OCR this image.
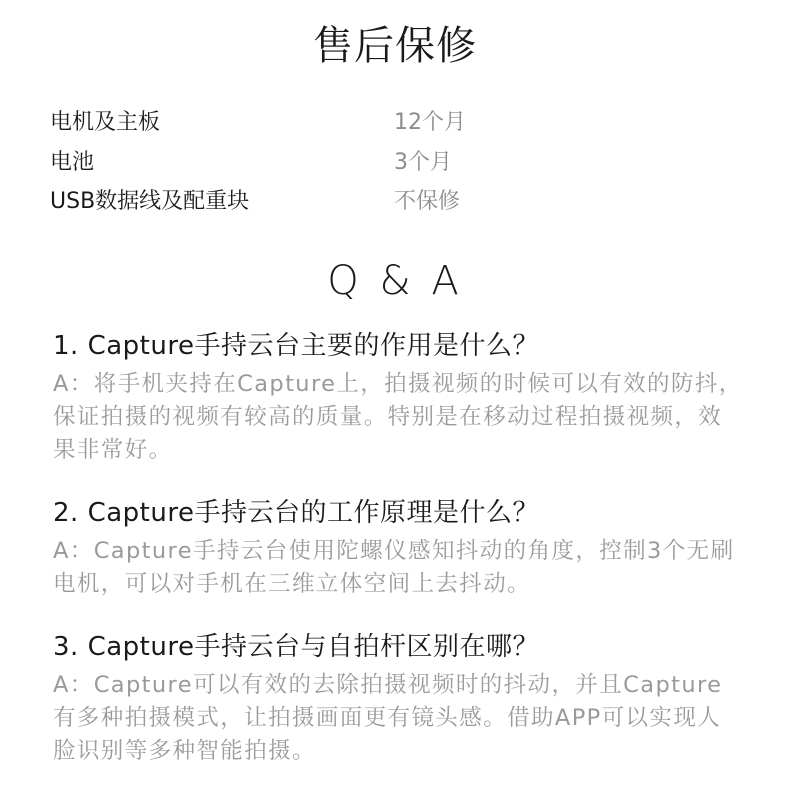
售后保修
电机及主板	12个月
电池	3个月
USB数据线及配重块	不保修
Q & A
1. Capture手持云台主要的作用是什么？
A：将手机夹持在Capture上，拍摄视频的时候可以有效的防抖，保证拍摄的视频有较高的质量。特别是在移动过程拍摄视频，效果非常好。
2. Capture手持云台的工作原理是什么？
A：Capture手持云台使用陀螺仪感知抖动的角度，控制3个无刷电机，可以对手机在三维立体空间上去抖动。
3. Capture手持云台与自拍杆区别在哪？
A：Capture可以有效的去除拍摄视频时的抖动，并且Capture有多种拍摄模式，让拍摄画面更有镜头感。借助APP可以实现人脸识别等多种智能拍摄。
